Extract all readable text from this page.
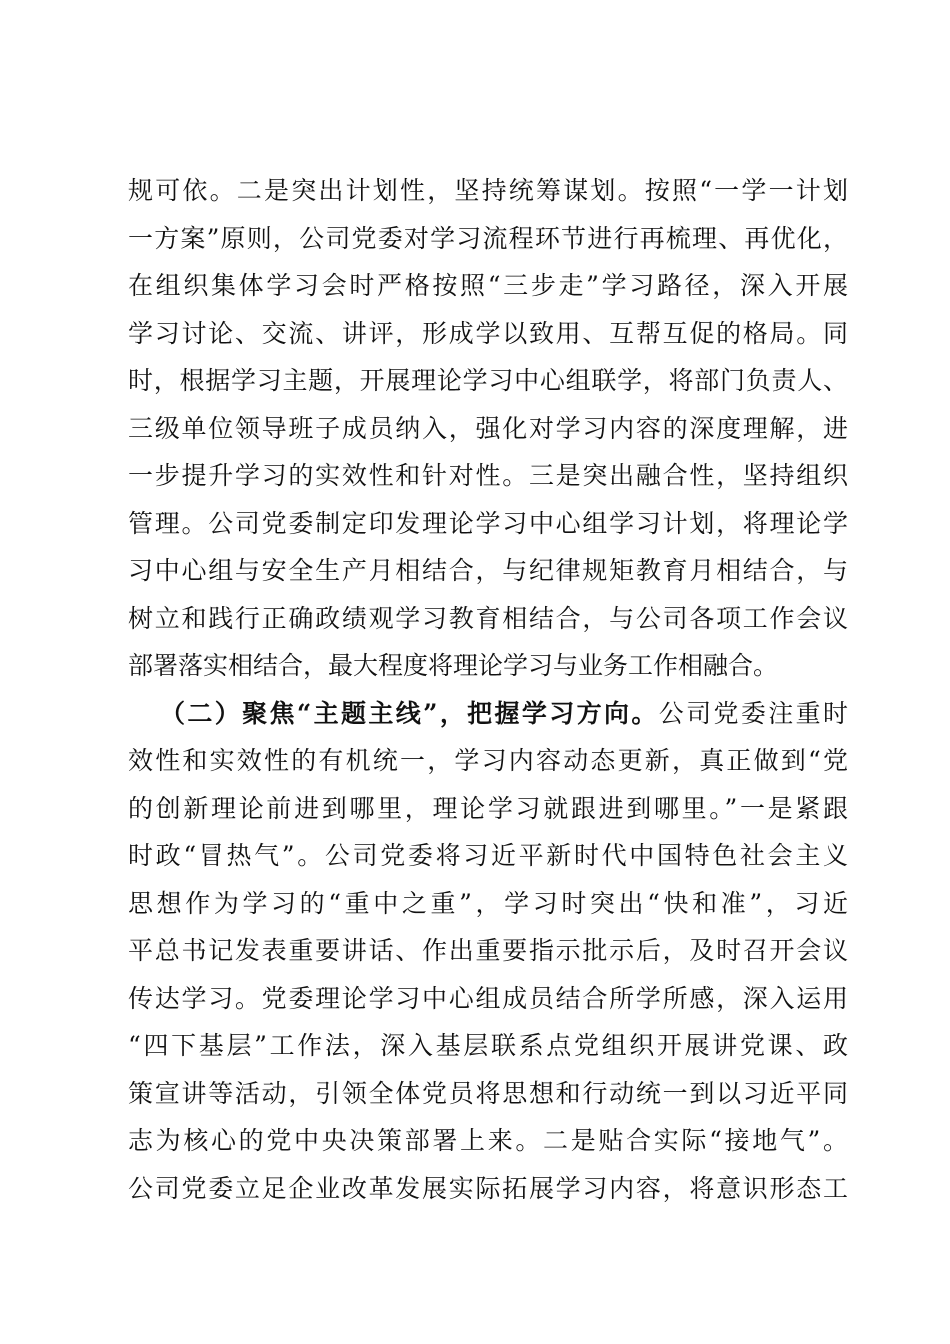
规可依。二是突出计划性，坚持统筹谋划。按照“一学一计划
一方案”原则，公司党委对学习流程环节进行再梳理、再优化，
在组织集体学习会时严格按照“三步走”学习路径，深入开展
学习讨论、交流、讲评，形成学以致用、互帮互促的格局。同
时，根据学习主题，开展理论学习中心组联学，将部门负责人、
三级单位领导班子成员纳入，强化对学习内容的深度理解，进
一步提升学习的实效性和针对性。三是突出融合性，坚持组织
管理。公司党委制定印发理论学习中心组学习计划，将理论学
习中心组与安全生产月相结合，与纪律规矩教育月相结合，与
树立和践行正确政绩观学习教育相结合，与公司各项工作会议
部署落实相结合，最大程度将理论学习与业务工作相融合。
（二）聚焦“主题主线”，把握学习方向。公司党委注重时
效性和实效性的有机统一，学习内容动态更新，真正做到“党
的创新理论前进到哪里，理论学习就跟进到哪里。”一是紧跟
时政“冒热气”。公司党委将习近平新时代中国特色社会主义
思想作为学习的“重中之重”，学习时突出“快和准”，习近
平总书记发表重要讲话、作出重要指示批示后，及时召开会议
传达学习。党委理论学习中心组成员结合所学所感，深入运用
“四下基层”工作法，深入基层联系点党组织开展讲党课、政
策宣讲等活动，引领全体党员将思想和行动统一到以习近平同
志为核心的党中央决策部署上来。二是贴合实际“接地气”。
公司党委立足企业改革发展实际拓展学习内容，将意识形态工
